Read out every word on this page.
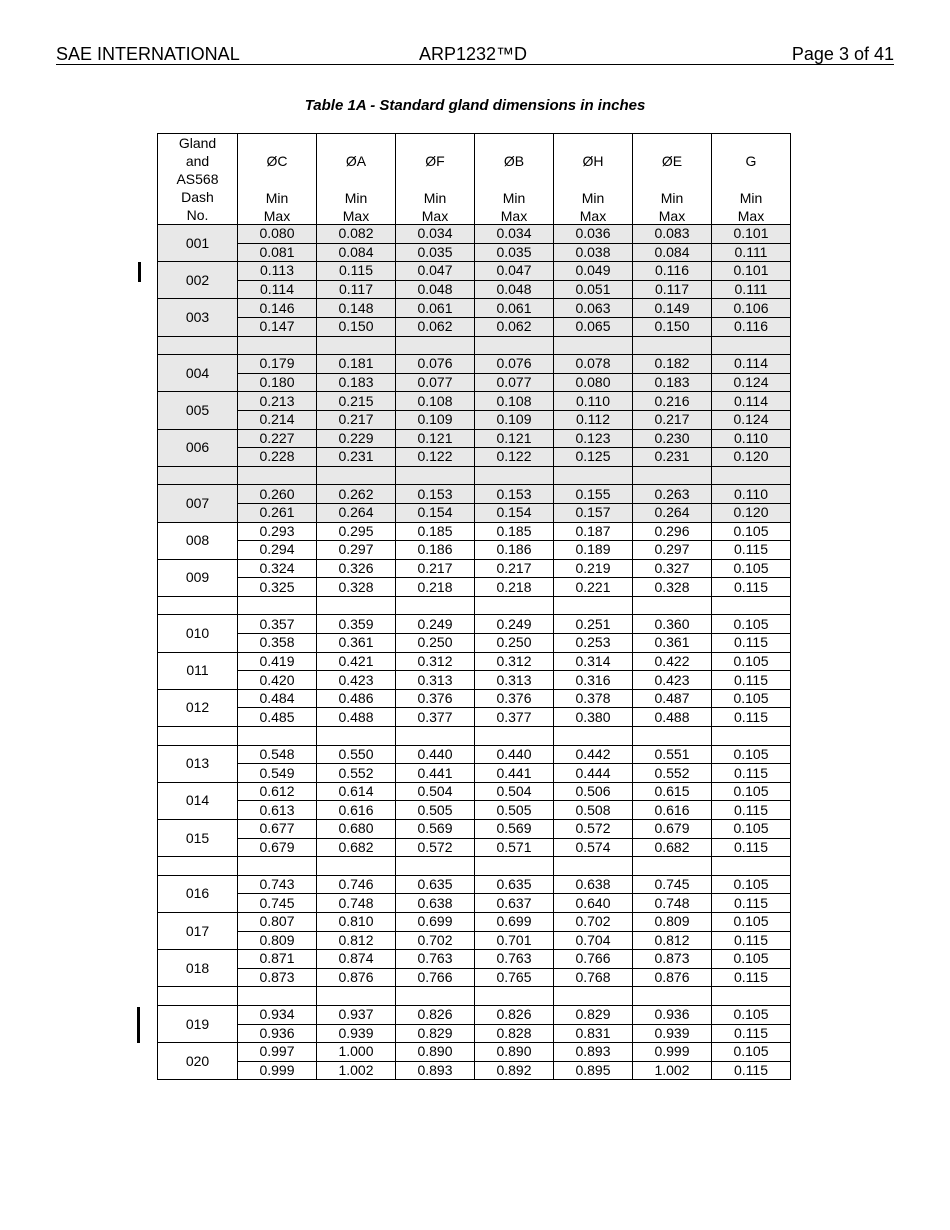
SAE INTERNATIONAL	ARP1232™D	Page 3 of 41
Table 1A - Standard gland dimensions in inches
Gland
and
AS568
Dash
No.	ØC
Min
Max	ØA
Min
Max	ØF
Min
Max	ØB
Min
Max	ØH
Min
Max	ØE
Min
Max	G
Min
Max

001	0.080	0.082	0.034	0.034	0.036	0.083	0.101
	0.081	0.084	0.035	0.035	0.038	0.084	0.111
002	0.113	0.115	0.047	0.047	0.049	0.116	0.101
	0.114	0.117	0.048	0.048	0.051	0.117	0.111
003	0.146	0.148	0.061	0.061	0.063	0.149	0.106
	0.147	0.150	0.062	0.062	0.065	0.150	0.116

004	0.179	0.181	0.076	0.076	0.078	0.182	0.114
	0.180	0.183	0.077	0.077	0.080	0.183	0.124
005	0.213	0.215	0.108	0.108	0.110	0.216	0.114
	0.214	0.217	0.109	0.109	0.112	0.217	0.124
006	0.227	0.229	0.121	0.121	0.123	0.230	0.110
	0.228	0.231	0.122	0.122	0.125	0.231	0.120

007	0.260	0.262	0.153	0.153	0.155	0.263	0.110
	0.261	0.264	0.154	0.154	0.157	0.264	0.120
008	0.293	0.295	0.185	0.185	0.187	0.296	0.105
	0.294	0.297	0.186	0.186	0.189	0.297	0.115
009	0.324	0.326	0.217	0.217	0.219	0.327	0.105
	0.325	0.328	0.218	0.218	0.221	0.328	0.115

010	0.357	0.359	0.249	0.249	0.251	0.360	0.105
	0.358	0.361	0.250	0.250	0.253	0.361	0.115
011	0.419	0.421	0.312	0.312	0.314	0.422	0.105
	0.420	0.423	0.313	0.313	0.316	0.423	0.115
012	0.484	0.486	0.376	0.376	0.378	0.487	0.105
	0.485	0.488	0.377	0.377	0.380	0.488	0.115

013	0.548	0.550	0.440	0.440	0.442	0.551	0.105
	0.549	0.552	0.441	0.441	0.444	0.552	0.115
014	0.612	0.614	0.504	0.504	0.506	0.615	0.105
	0.613	0.616	0.505	0.505	0.508	0.616	0.115
015	0.677	0.680	0.569	0.569	0.572	0.679	0.105
	0.679	0.682	0.572	0.571	0.574	0.682	0.115

016	0.743	0.746	0.635	0.635	0.638	0.745	0.105
	0.745	0.748	0.638	0.637	0.640	0.748	0.115
017	0.807	0.810	0.699	0.699	0.702	0.809	0.105
	0.809	0.812	0.702	0.701	0.704	0.812	0.115
018	0.871	0.874	0.763	0.763	0.766	0.873	0.105
	0.873	0.876	0.766	0.765	0.768	0.876	0.115

019	0.934	0.937	0.826	0.826	0.829	0.936	0.105
	0.936	0.939	0.829	0.828	0.831	0.939	0.115
020	0.997	1.000	0.890	0.890	0.893	0.999	0.105
	0.999	1.002	0.893	0.892	0.895	1.002	0.115
